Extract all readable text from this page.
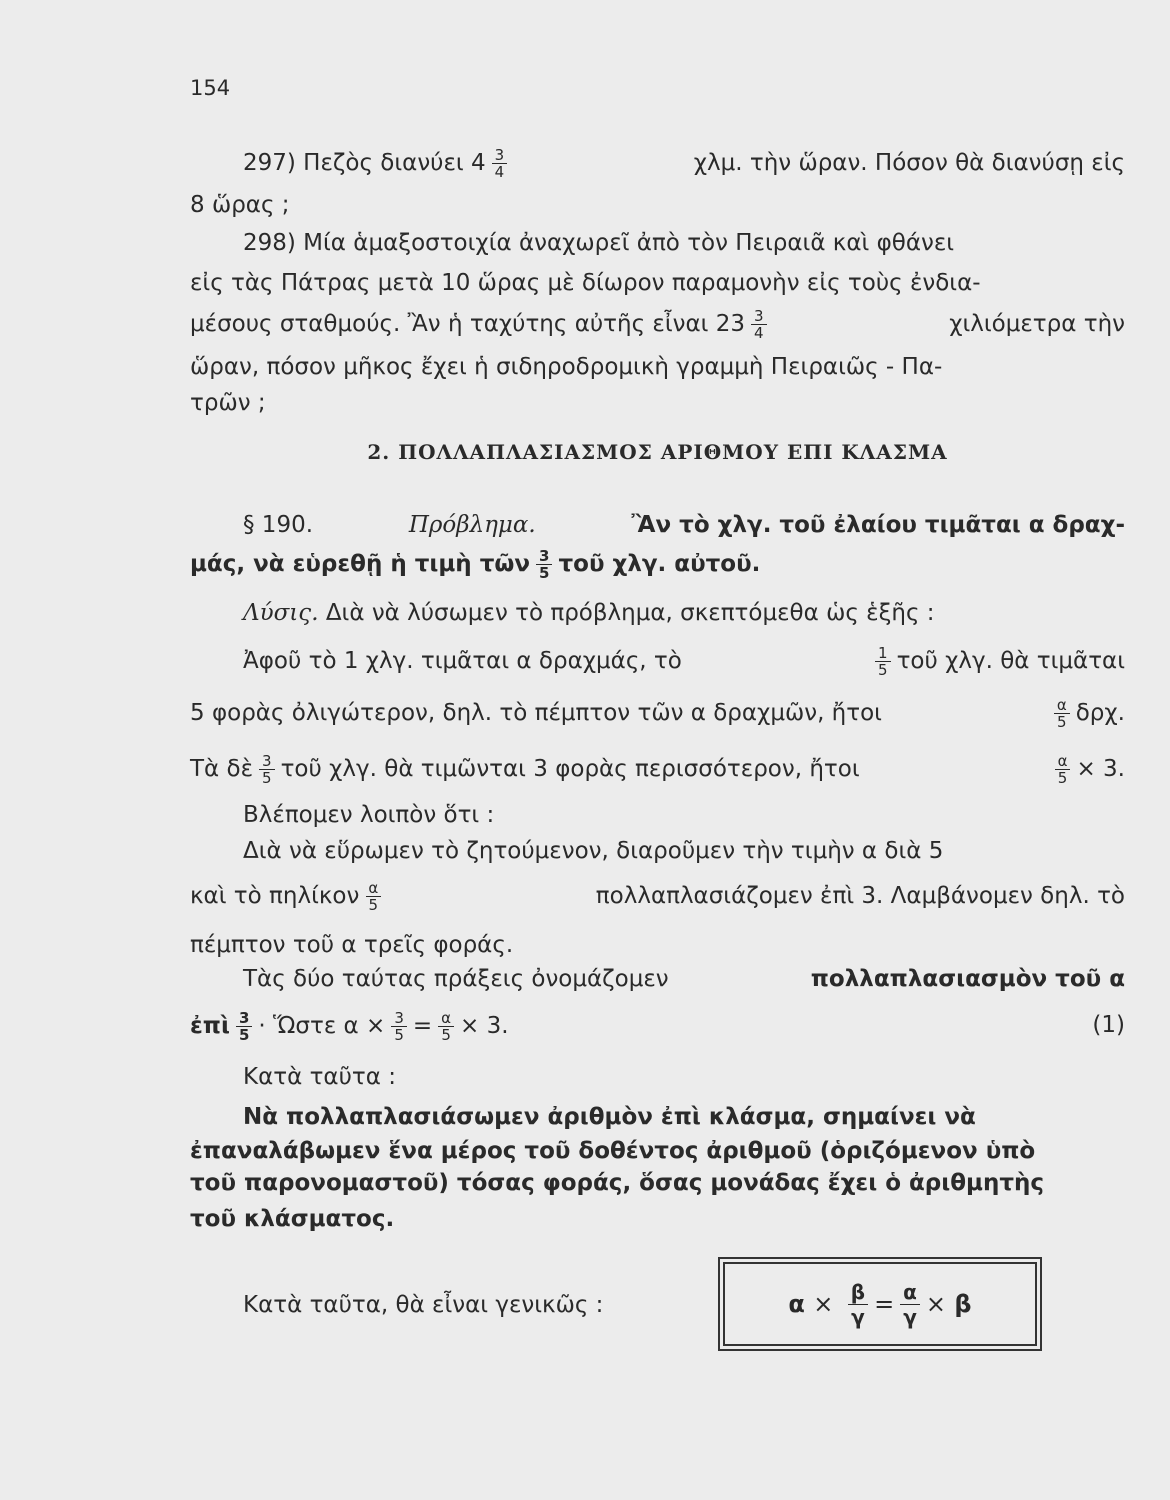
154
297) Πεζὸς διανύει $4 \frac{3}{4}$	χλμ. τὴν ὥραν. Πόσον θὰ διανύσῃ εἰς
8 ὥρας ;
298) Μία ἁμαξοστοιχία ἀναχωρεῖ ἀπὸ τὸν Πειραιᾶ καὶ φθάνει
εἰς τὰς Πάτρας μετὰ 10 ὥρας μὲ δίωρον παραμονὴν εἰς τοὺς ἐνδια-
μέσους σταθμούς. Ἂν ἡ ταχύτης αὐτῆς εἶναι $23 \frac{3}{4}$	χιλιόμετρα τὴν
ὥραν, πόσον μῆκος ἔχει ἡ σιδηροδρομικὴ γραμμὴ Πειραιῶς - Πα-
τρῶν ;
2. ΠΟΛΛΑΠΛΑΣΙΑΣΜΟΣ ΑΡΙΘΜΟΥ ΕΠΙ ΚΛΑΣΜΑ
§ 190.	Πρόβλημα.	Ἂν τὸ χλγ. τοῦ ἐλαίου τιμᾶται α δραχ-
μάς, νὰ εὑρεθῇ ἡ τιμὴ τῶν $\frac{3}{5}$ τοῦ χλγ. αὐτοῦ.
Λύσις. Διὰ νὰ λύσωμεν τὸ πρόβλημα, σκεπτόμεθα ὡς ἑξῆς :
Ἀφοῦ τὸ 1 χλγ. τιμᾶται α δραχμάς, τὸ	$\frac{1}{5}$ τοῦ χλγ. θὰ τιμᾶται
5 φορὰς ὀλιγώτερον, δηλ. τὸ πέμπτον τῶν α δραχμῶν, ἤτοι	$\frac{\alpha}{5} \delta\rho\chi$.
Τὰ δὲ $\frac{3}{5}$ τοῦ χλγ. θὰ τιμῶνται 3 φορὰς περισσότερον, ἤτοι	$\frac{\alpha}{5} \times 3$.
Βλέπομεν λοιπὸν ὅτι :
Διὰ νὰ εὕρωμεν τὸ ζητούμενον, διαροῦμεν τὴν τιμὴν α διὰ 5
καὶ τὸ πηλίκον $\frac{\alpha}{5}$	πολλαπλασιάζομεν ἐπὶ 3. Λαμβάνομεν δηλ. τὸ
πέμπτον τοῦ α τρεῖς φοράς.
Τὰς δύο ταύτας πράξεις ὀνομάζομεν	πολλαπλασιασμὸν τοῦ α
ἐπὶ $\frac{3}{5}$ · Ὥστε $\alpha \times \frac{3}{5} = \frac{\alpha}{5} \times 3$.	(1)
Κατὰ ταῦτα :
Νὰ πολλαπλασιάσωμεν ἀριθμὸν ἐπὶ κλάσμα, σημαίνει νὰ
ἐπαναλάβωμεν ἕνα μέρος τοῦ δοθέντος ἀριθμοῦ (ὁριζόμενον ὑπὸ
τοῦ παρονομαστοῦ) τόσας φοράς, ὅσας μονάδας ἔχει ὁ ἀριθμητὴς
τοῦ κλάσματος.
Κατὰ ταῦτα, θὰ εἶναι γενικῶς :	α
×
$\frac{\beta}{\gamma} = \frac{\alpha}{\gamma}$ ×
β
